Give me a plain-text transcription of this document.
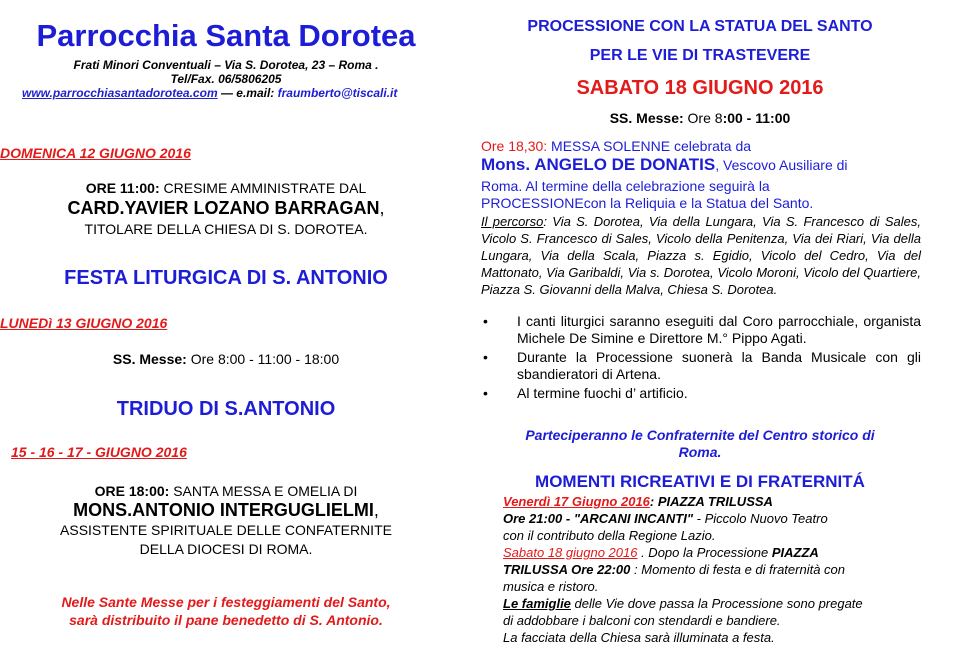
Parrocchia Santa Dorotea
Frati Minori Conventuali – Via S. Dorotea, 23 – Roma .
Tel/Fax. 06/5806205
www.parrocchiasantadorotea.com — e.mail: fraumberto@tiscali.it
DOMENICA 12 GIUGNO 2016
ORE 11:00: CRESIME AMMINISTRATE DAL
CARD.YAVIER LOZANO BARRAGAN,
TITOLARE DELLA CHIESA DI S. DOROTEA.
FESTA LITURGICA DI S. ANTONIO
LUNEDì 13 GIUGNO 2016
SS. Messe: Ore 8:00 - 11:00 - 18:00
TRIDUO DI S.ANTONIO
15 - 16 - 17 - GIUGNO 2016
ORE 18:00: SANTA MESSA E OMELIA DI
MONS.ANTONIO INTERGUGLIELMI,
ASSISTENTE SPIRITUALE DELLE CONFATERNITE
DELLA DIOCESI DI ROMA.
Nelle Sante Messe per i festeggiamenti del Santo,
sarà distribuito il pane benedetto di S. Antonio.
PROCESSIONE CON LA STATUA DEL SANTO
PER LE VIE DI TRASTEVERE
SABATO 18 GIUGNO 2016
SS. Messe: Ore 8:00 - 11:00
Ore 18,30: MESSA SOLENNE celebrata da
Mons. ANGELO DE DONATIS, Vescovo Ausiliare di
Roma. Al termine della celebrazione seguirà la
PROCESSIONEcon la Reliquia e la Statua del Santo.
Il percorso: Via S. Dorotea, Via della Lungara, Via S. Francesco di Sales, Vicolo S. Francesco di Sales, Vicolo della Penitenza, Via dei Riari, Via della Lungara, Via della Scala, Piazza s. Egidio, Vicolo del Cedro, Via del Mattonato, Via Garibaldi, Via s. Dorotea, Vicolo Moroni, Vicolo del Quartiere, Piazza S. Giovanni della Malva, Chiesa S. Dorotea.
• I canti liturgici saranno eseguiti dal Coro parrocchiale, organista Michele De Simine e Direttore M.° Pippo Agati.
• Durante la Processione suonerà la Banda Musicale con gli sbandieratori di Artena.
• Al termine fuochi d’ artificio.
Parteciperanno le Confraternite del Centro storico di
Roma.
MOMENTI RICREATIVI E DI FRATERNITÁ
Venerdì 17 Giugno 2016: PIAZZA TRILUSSA
Ore 21:00 - "ARCANI INCANTI" - Piccolo Nuovo Teatro
con il contributo della Regione Lazio.
Sabato 18 giugno 2016 . Dopo la Processione PIAZZA
TRILUSSA Ore 22:00 : Momento di festa e di fraternità con
musica e ristoro.
Le famiglie delle Vie dove passa la Processione sono pregate
di addobbare i balconi con stendardi e bandiere.
La facciata della Chiesa sarà illuminata a festa.
